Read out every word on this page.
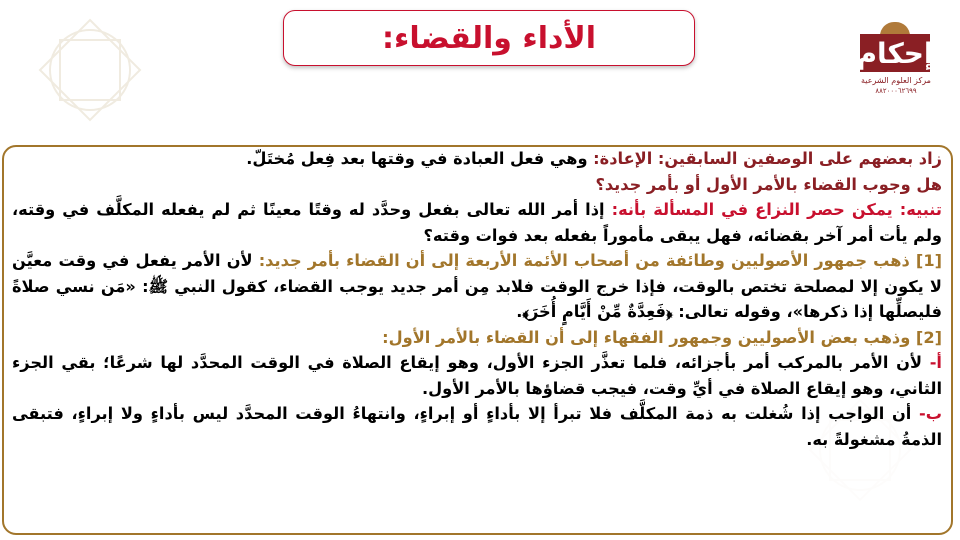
الأداء والقضاء:	إحكام
مركز العلوم الشرعية
٨٨٢٠٠٠٦٢٦٩٩

زاد بعضهم على الوصفين السابقين: الإعادة: وهي فعل العبادة في وقتها بعد فِعل مُختَلّ.

هل وجوب القضاء بالأمر الأول أو بأمر جديد؟

تنبيه: يمكن حصر النزاع في المسألة بأنه: إذا أمر الله تعالى بفعل وحدَّد له وقتًا معينًا ثم لم يفعله المكلَّف في وقته، ولم يأت أمر آخر بقضائه، فهل يبقى مأموراً بفعله بعد فوات وقته؟

[1] ذهب جمهور الأصوليين وطائفة من أصحاب الأئمة الأربعة إلى أن القضاء بأمر جديد: لأن الأمر يفعل في وقت معيَّن لا يكون إلا لمصلحة تختص بالوقت، فإذا خرج الوقت فلابد مِن أمر جديد يوجب القضاء، كقول النبي ﷺ: «مَن نسي صلاةً فليصلِّها إذا ذكرها»، وقوله تعالى: ﴿فَعِدَّةٌ مِّنْ أَيَّامٍ أُخَرَ﴾.

[2] وذهب بعض الأصوليين وجمهور الفقهاء إلى أن القضاء بالأمر الأول:

أ- لأن الأمر بالمركب أمر بأجزائه، فلما تعذَّر الجزء الأول، وهو إيقاع الصلاة في الوقت المحدَّد لها شرعًا؛ بقي الجزء الثاني، وهو إيقاع الصلاة في أيِّ وقت، فيجب قضاؤها بالأمر الأول.

ب- أن الواجب إذا شُغلت به ذمة المكلَّف فلا تبرأ إلا بأداءٍ أو إبراءٍ، وانتهاءُ الوقت المحدَّد ليس بأداءٍ ولا إبراءٍ، فتبقى الذمةُ مشغولةً به.
